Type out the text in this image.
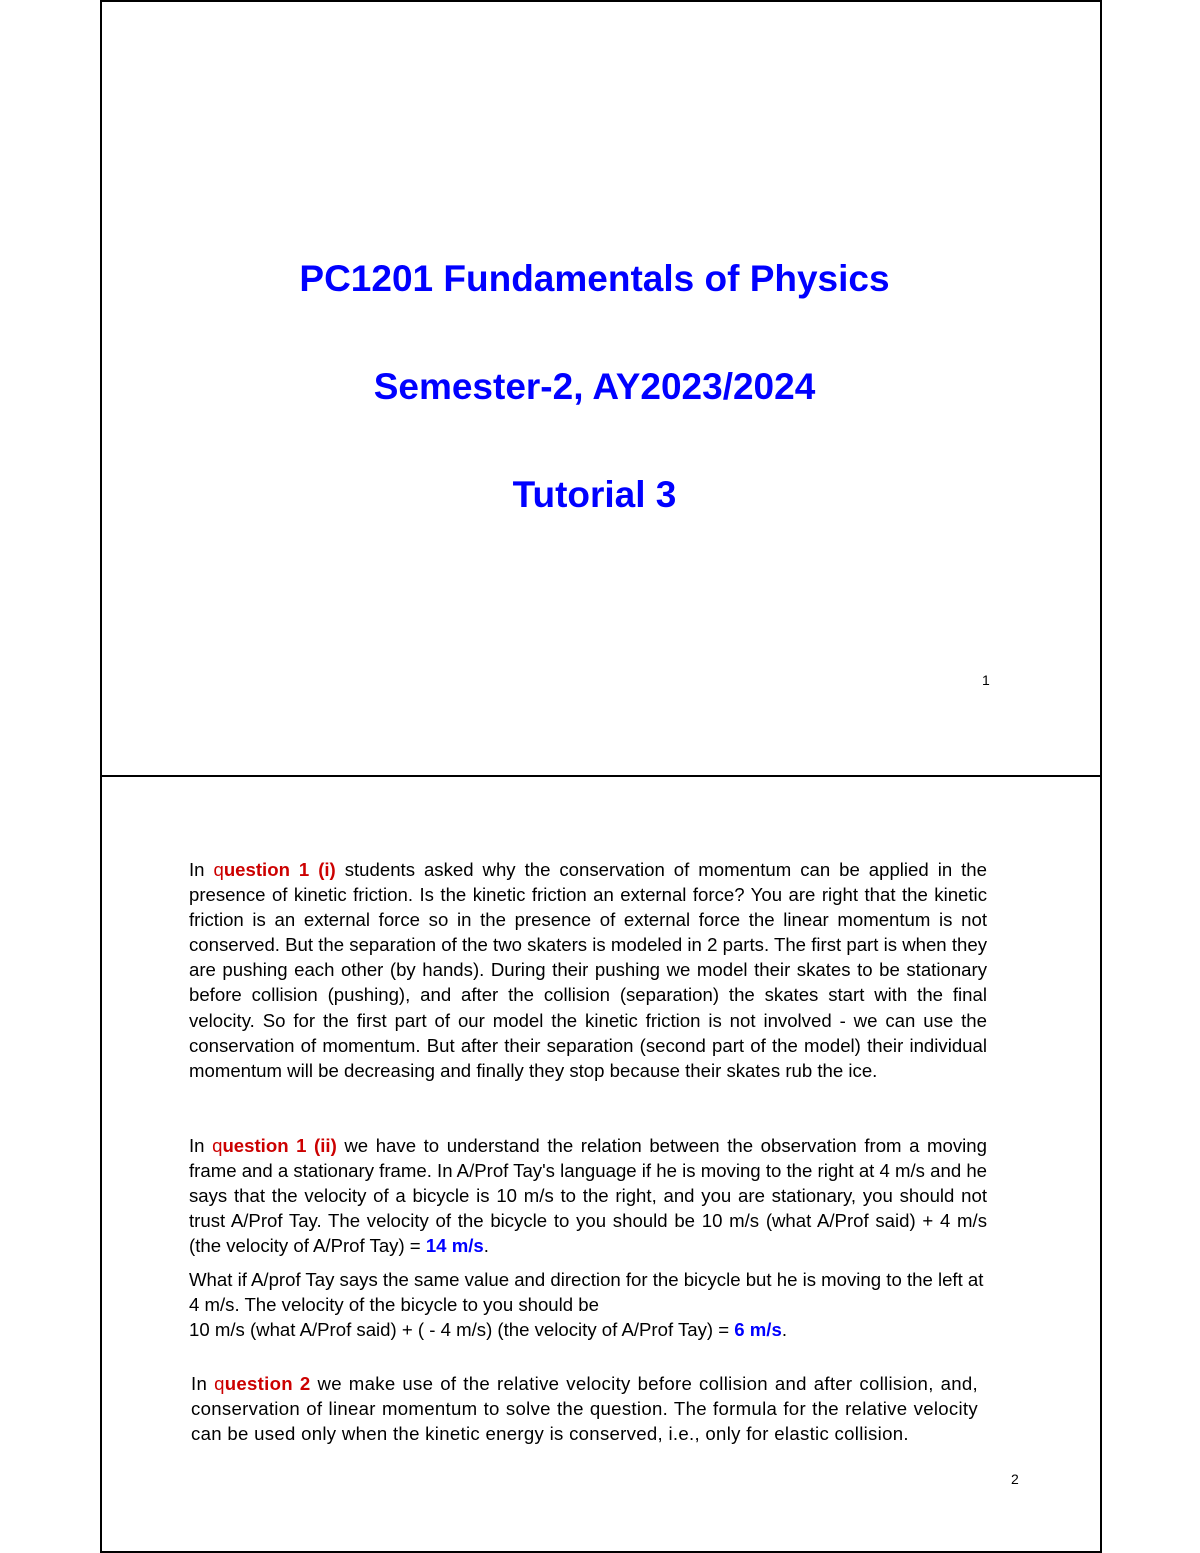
PC1201 Fundamentals of Physics
Semester-2, AY2023/2024
Tutorial 3
1
In question 1 (i) students asked why the conservation of momentum can be applied in the presence of kinetic friction. Is the kinetic friction an external force? You are right that the kinetic friction is an external force so in the presence of external force the linear momentum is not conserved. But the separation of the two skaters is modeled in 2 parts. The first part is when they are pushing each other (by hands). During their pushing we model their skates to be stationary before collision (pushing), and after the collision (separation) the skates start with the final velocity. So for the first part of our model the kinetic friction is not involved - we can use the conservation of momentum. But after their separation (second part of the model) their individual momentum will be decreasing and finally they stop because their skates rub the ice.
In question 1 (ii) we have to understand the relation between the observation from a moving frame and a stationary frame. In A/Prof Tay's language if he is moving to the right at 4 m/s and he says that the velocity of a bicycle is 10 m/s to the right, and you are stationary, you should not trust A/Prof Tay. The velocity of the bicycle to you should be 10 m/s (what A/Prof said) + 4 m/s (the velocity of A/Prof Tay) = 14 m/s.
What if A/prof Tay says the same value and direction for the bicycle but he is moving to the left at 4 m/s. The velocity of the bicycle to you should be
10 m/s (what A/Prof said) + ( - 4 m/s) (the velocity of A/Prof Tay) = 6 m/s.
In question 2 we make use of the relative velocity before collision and after collision, and, conservation of linear momentum to solve the question. The formula for the relative velocity can be used only when the kinetic energy is conserved, i.e., only for elastic collision.
2
